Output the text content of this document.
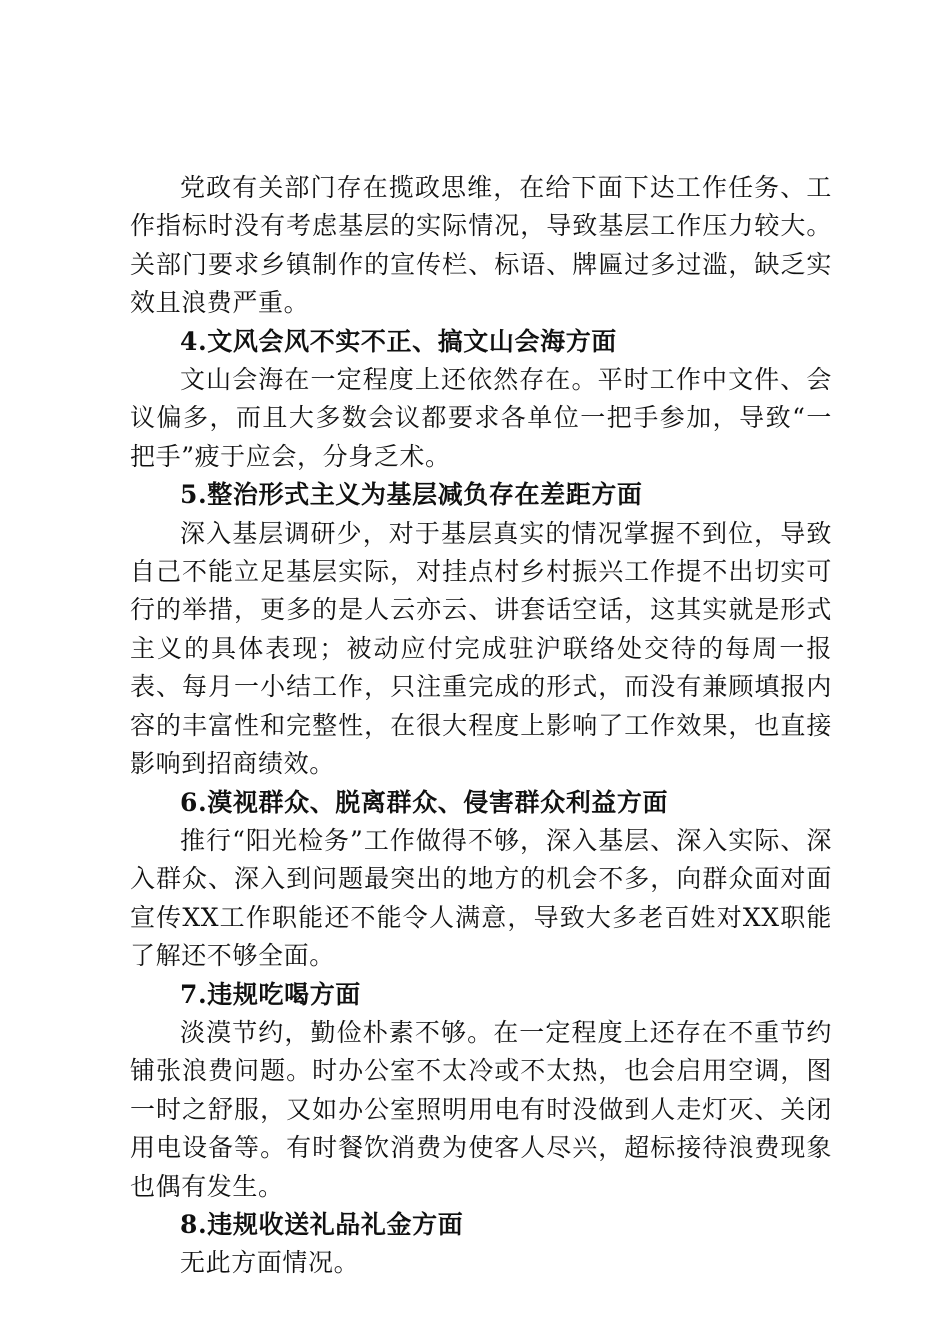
党政有关部门存在揽政思维，在给下面下达工作任务、工作指标时没有考虑基层的实际情况，导致基层工作压力较大。关部门要求乡镇制作的宣传栏、标语、牌匾过多过滥，缺乏实效且浪费严重。

4.文风会风不实不正、搞文山会海方面

文山会海在一定程度上还依然存在。平时工作中文件、会议偏多，而且大多数会议都要求各单位一把手参加，导致“一把手”疲于应会，分身乏术。

5.整治形式主义为基层减负存在差距方面

深入基层调研少，对于基层真实的情况掌握不到位，导致自己不能立足基层实际，对挂点村乡村振兴工作提不出切实可行的举措，更多的是人云亦云、讲套话空话，这其实就是形式主义的具体表现；被动应付完成驻沪联络处交待的每周一报表、每月一小结工作，只注重完成的形式，而没有兼顾填报内容的丰富性和完整性，在很大程度上影响了工作效果，也直接影响到招商绩效。

6.漠视群众、脱离群众、侵害群众利益方面

推行“阳光检务”工作做得不够，深入基层、深入实际、深入群众、深入到问题最突出的地方的机会不多，向群众面对面宣传XX工作职能还不能令人满意，导致大多老百姓对XX职能了解还不够全面。

7.违规吃喝方面

淡漠节约，勤俭朴素不够。在一定程度上还存在不重节约铺张浪费问题。时办公室不太冷或不太热，也会启用空调，图一时之舒服，又如办公室照明用电有时没做到人走灯灭、关闭用电设备等。有时餐饮消费为使客人尽兴，超标接待浪费现象也偶有发生。

8.违规收送礼品礼金方面

无此方面情况。
